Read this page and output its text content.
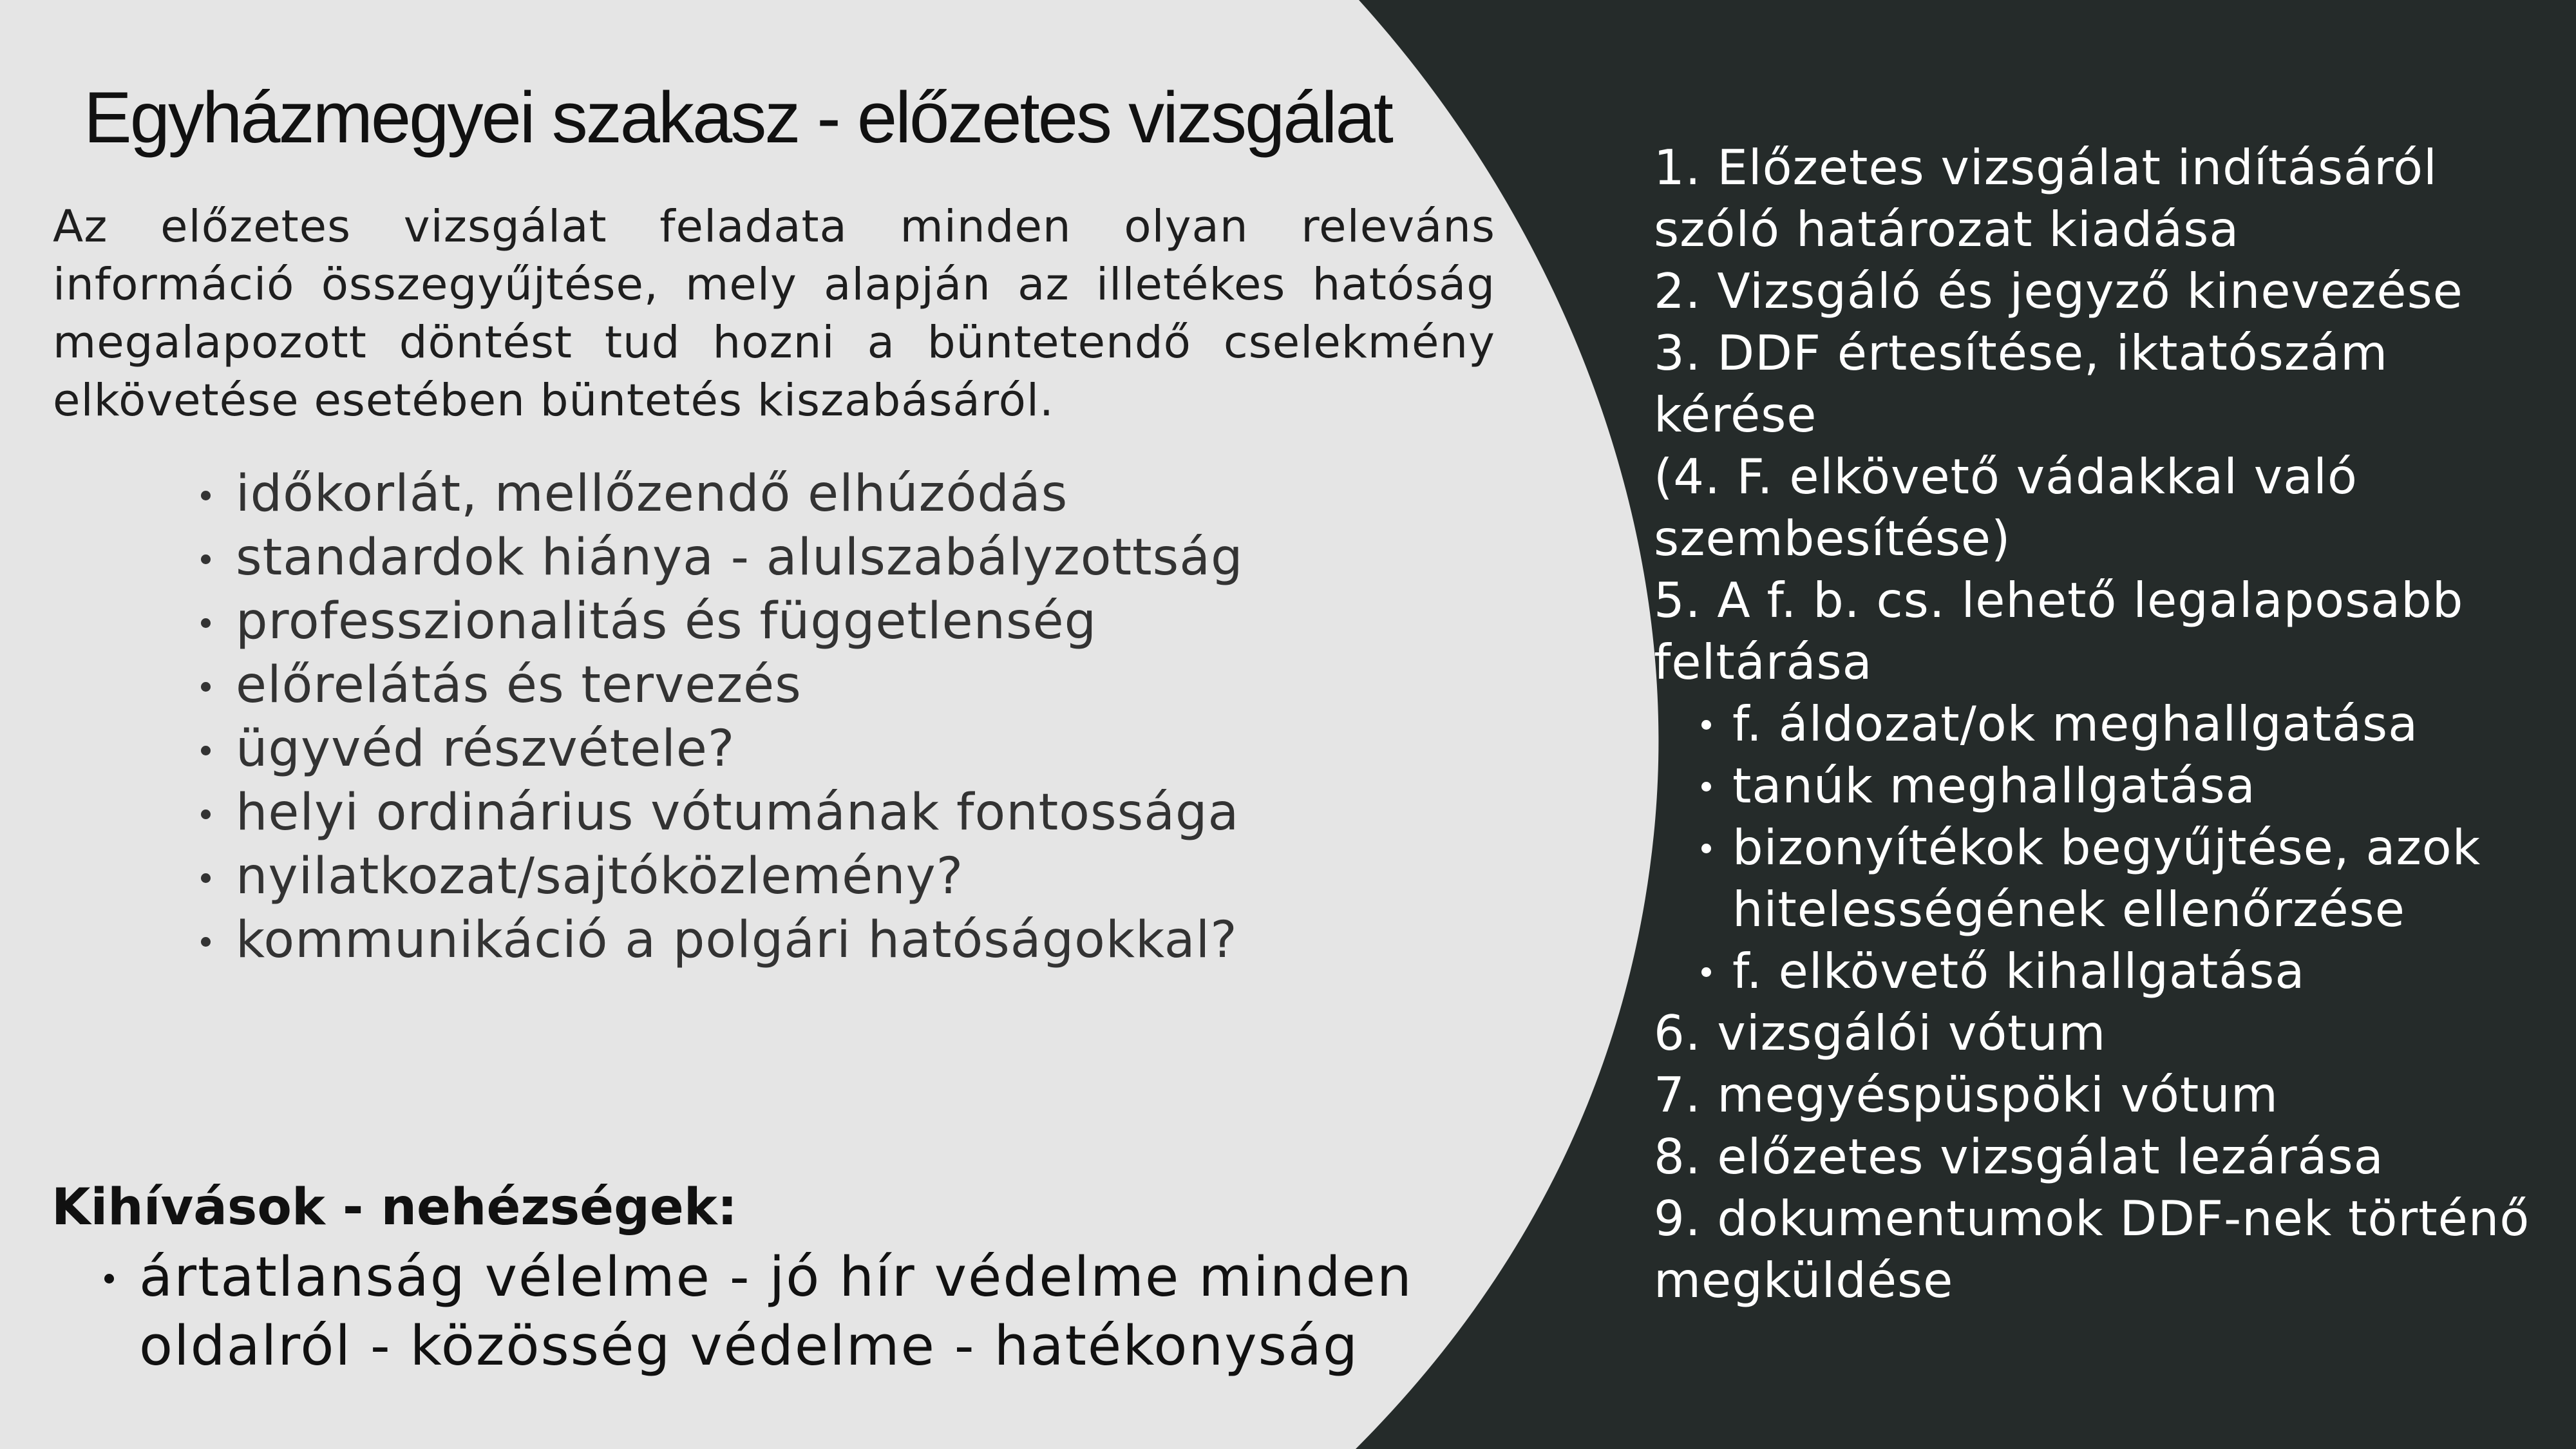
Egyházmegyei szakasz - előzetes vizsgálat

Az előzetes vizsgálat feladata minden olyan releváns információ összegyűjtése, mely alapján az illetékes hatóság megalapozott döntést tud hozni a büntetendő cselekmény elkövetése esetében büntetés kiszabásáról.

időkorlát, mellőzendő elhúzódás
standardok hiánya - alulszabályzottság
professzionalitás és függetlenség
előrelátás és tervezés
ügyvéd részvétele?
helyi ordinárius vótumának fontossága
nyilatkozat/sajtóközlemény?
kommunikáció a polgári hatóságokkal?
Kihívások - nehézségek:
ártatlanság vélelme - jó hír védelme minden oldalról - közösség védelme - hatékonyság

1. Előzetes vizsgálat indításáról

szóló határozat kiadása

2. Vizsgáló és jegyző kinevezése

3. DDF értesítése, iktatószám

kérése

(4. F. elkövető vádakkal való

szembesítése)

5. A f. b. cs. lehető legalaposabb

feltárása

f. áldozat/ok meghallgatása
tanúk meghallgatása
bizonyítékok begyűjtése, azok
hitelességének ellenőrzése
f. elkövető kihallgatása

6. vizsgálói vótum

7. megyéspüspöki vótum

8. előzetes vizsgálat lezárása

9. dokumentumok DDF-nek történő

megküldése
